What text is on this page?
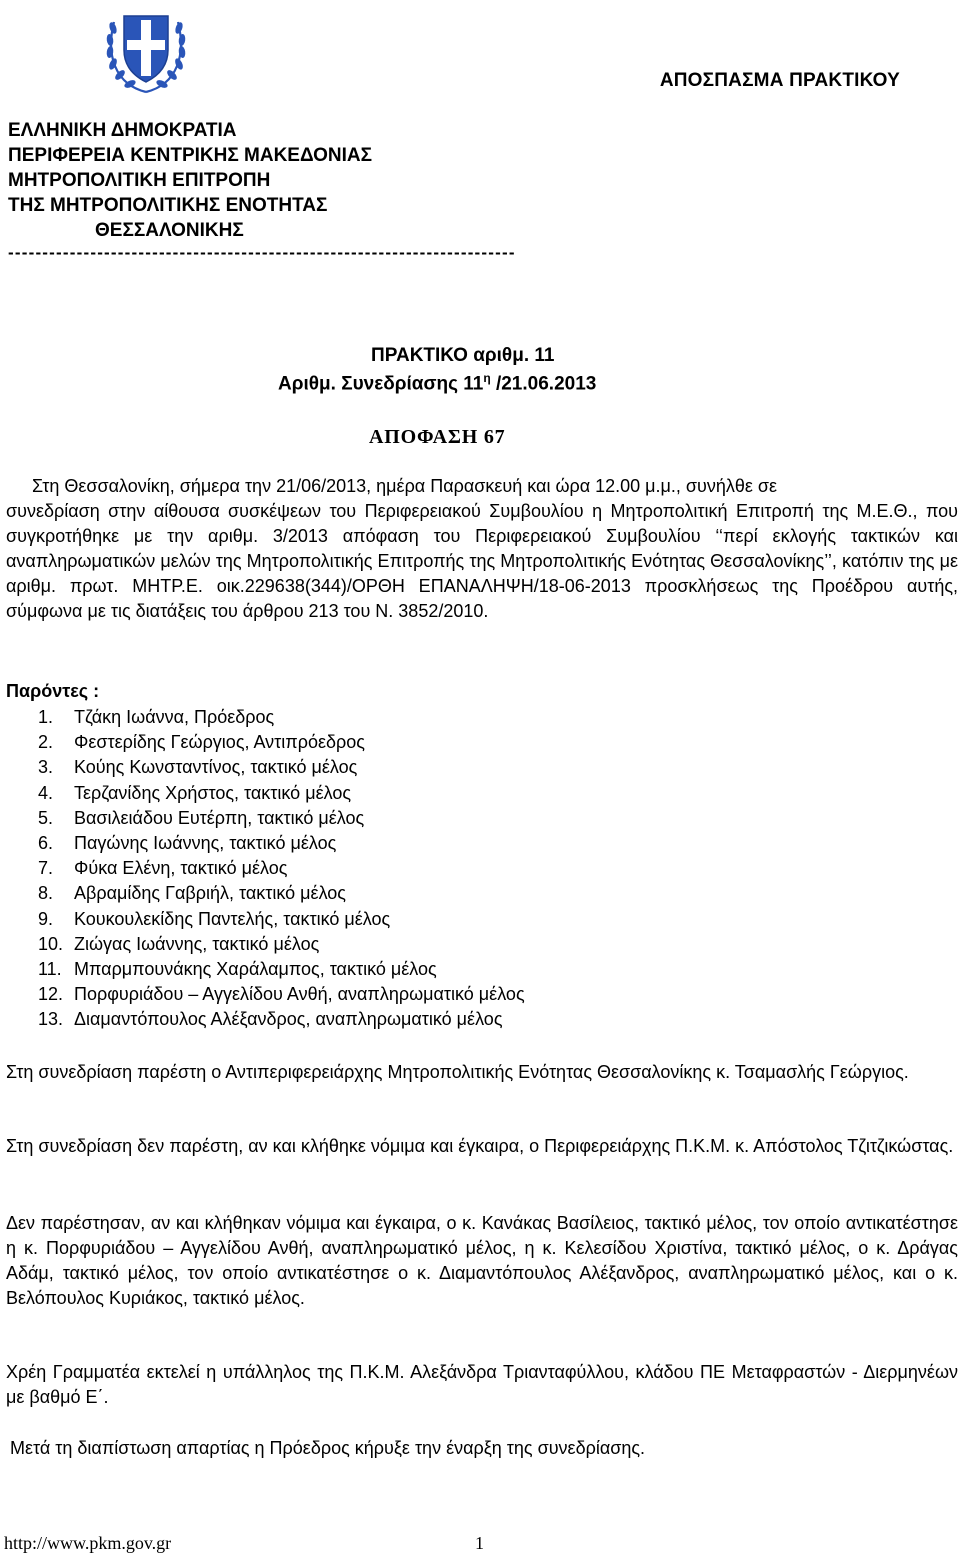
ΑΠΟΣΠΑΣΜΑ ΠΡΑΚΤΙΚΟΥ
ΕΛΛΗΝΙΚΗ ΔΗΜΟΚΡΑΤΙΑ
ΠΕΡΙΦΕΡΕΙΑ ΚΕΝΤΡΙΚΗΣ ΜΑΚΕΔΟΝΙΑΣ
ΜΗΤΡΟΠΟΛΙΤΙΚΗ ΕΠΙΤΡΟΠΗ
ΤΗΣ ΜΗΤΡΟΠΟΛΙΤΙΚΗΣ ΕΝΟΤΗΤΑΣ
ΘΕΣΣΑΛΟΝΙΚΗΣ
--------------------------------------------------------------------------
ΠΡΑΚΤΙΚΟ αριθμ. 11
Αριθμ. Συνεδρίασης $11^\eta$ /21.06.2013
ΑΠΟΦΑΣΗ 67
Στη Θεσσαλονίκη, σήμερα την 21/06/2013, ημέρα Παρασκευή και ώρα 12.00 μ.μ., συνήλθε σε
συνεδρίαση στην αίθουσα συσκέψεων του Περιφερειακού Συμβουλίου η Μητροπολιτική Επιτροπή της Μ.Ε.Θ., που συγκροτήθηκε με την αριθμ. 3/2013 απόφαση του Περιφερειακού Συμβουλίου ‘‘περί εκλογής τακτικών και αναπληρωματικών μελών της Μητροπολιτικής Επιτροπής της Μητροπολιτικής Ενότητας Θεσσαλονίκης’’, κατόπιν της με αριθμ. πρωτ. ΜΗΤΡ.Ε. οικ.229638(344)/ΟΡΘΗ ΕΠΑΝΑΛΗΨΗ/18-06-2013 προσκλήσεως της Προέδρου αυτής, σύμφωνα με τις διατάξεις του άρθρου 213 του Ν. 3852/2010.
Παρόντες :
1. Τζάκη Ιωάννα, Πρόεδρος
2. Φεστερίδης Γεώργιος, Αντιπρόεδρος
3. Κούης Κωνσταντίνος, τακτικό μέλος
4. Τερζανίδης Χρήστος, τακτικό μέλος
5. Βασιλειάδου Ευτέρπη, τακτικό μέλος
6. Παγώνης Ιωάννης, τακτικό μέλος
7. Φύκα Ελένη, τακτικό μέλος
8. Αβραμίδης Γαβριήλ, τακτικό μέλος
9. Κουκουλεκίδης Παντελής, τακτικό μέλος
10. Ζιώγας Ιωάννης, τακτικό μέλος
11. Μπαρμπουνάκης Χαράλαμπος, τακτικό μέλος
12. Πορφυριάδου – Αγγελίδου Ανθή, αναπληρωματικό μέλος
13. Διαμαντόπουλος Αλέξανδρος, αναπληρωματικό μέλος
Στη συνεδρίαση παρέστη ο Αντιπεριφερειάρχης Μητροπολιτικής Ενότητας Θεσσαλονίκης κ. Τσαμασλής Γεώργιος.
Στη συνεδρίαση δεν παρέστη, αν και κλήθηκε νόμιμα και έγκαιρα, ο Περιφερειάρχης Π.Κ.Μ. κ. Απόστολος Τζιτζικώστας.
Δεν παρέστησαν, αν και κλήθηκαν νόμιμα και έγκαιρα, ο κ. Κανάκας Βασίλειος, τακτικό μέλος, τον οποίο αντικατέστησε η κ. Πορφυριάδου – Αγγελίδου Ανθή, αναπληρωματικό μέλος, η κ. Κελεσίδου Χριστίνα, τακτικό μέλος, ο κ. Δράγας Αδάμ, τακτικό μέλος, τον οποίο αντικατέστησε ο κ. Διαμαντόπουλος Αλέξανδρος, αναπληρωματικό μέλος, και ο κ. Βελόπουλος Κυριάκος, τακτικό μέλος.
Χρέη Γραμματέα εκτελεί η υπάλληλος της Π.Κ.Μ. Αλεξάνδρα Τριανταφύλλου, κλάδου ΠΕ Μεταφραστών - Διερμηνέων με βαθμό Ε΄.
Μετά τη διαπίστωση απαρτίας η Πρόεδρος κήρυξε την έναρξη της συνεδρίασης.
http://www.pkm.gov.gr	1
